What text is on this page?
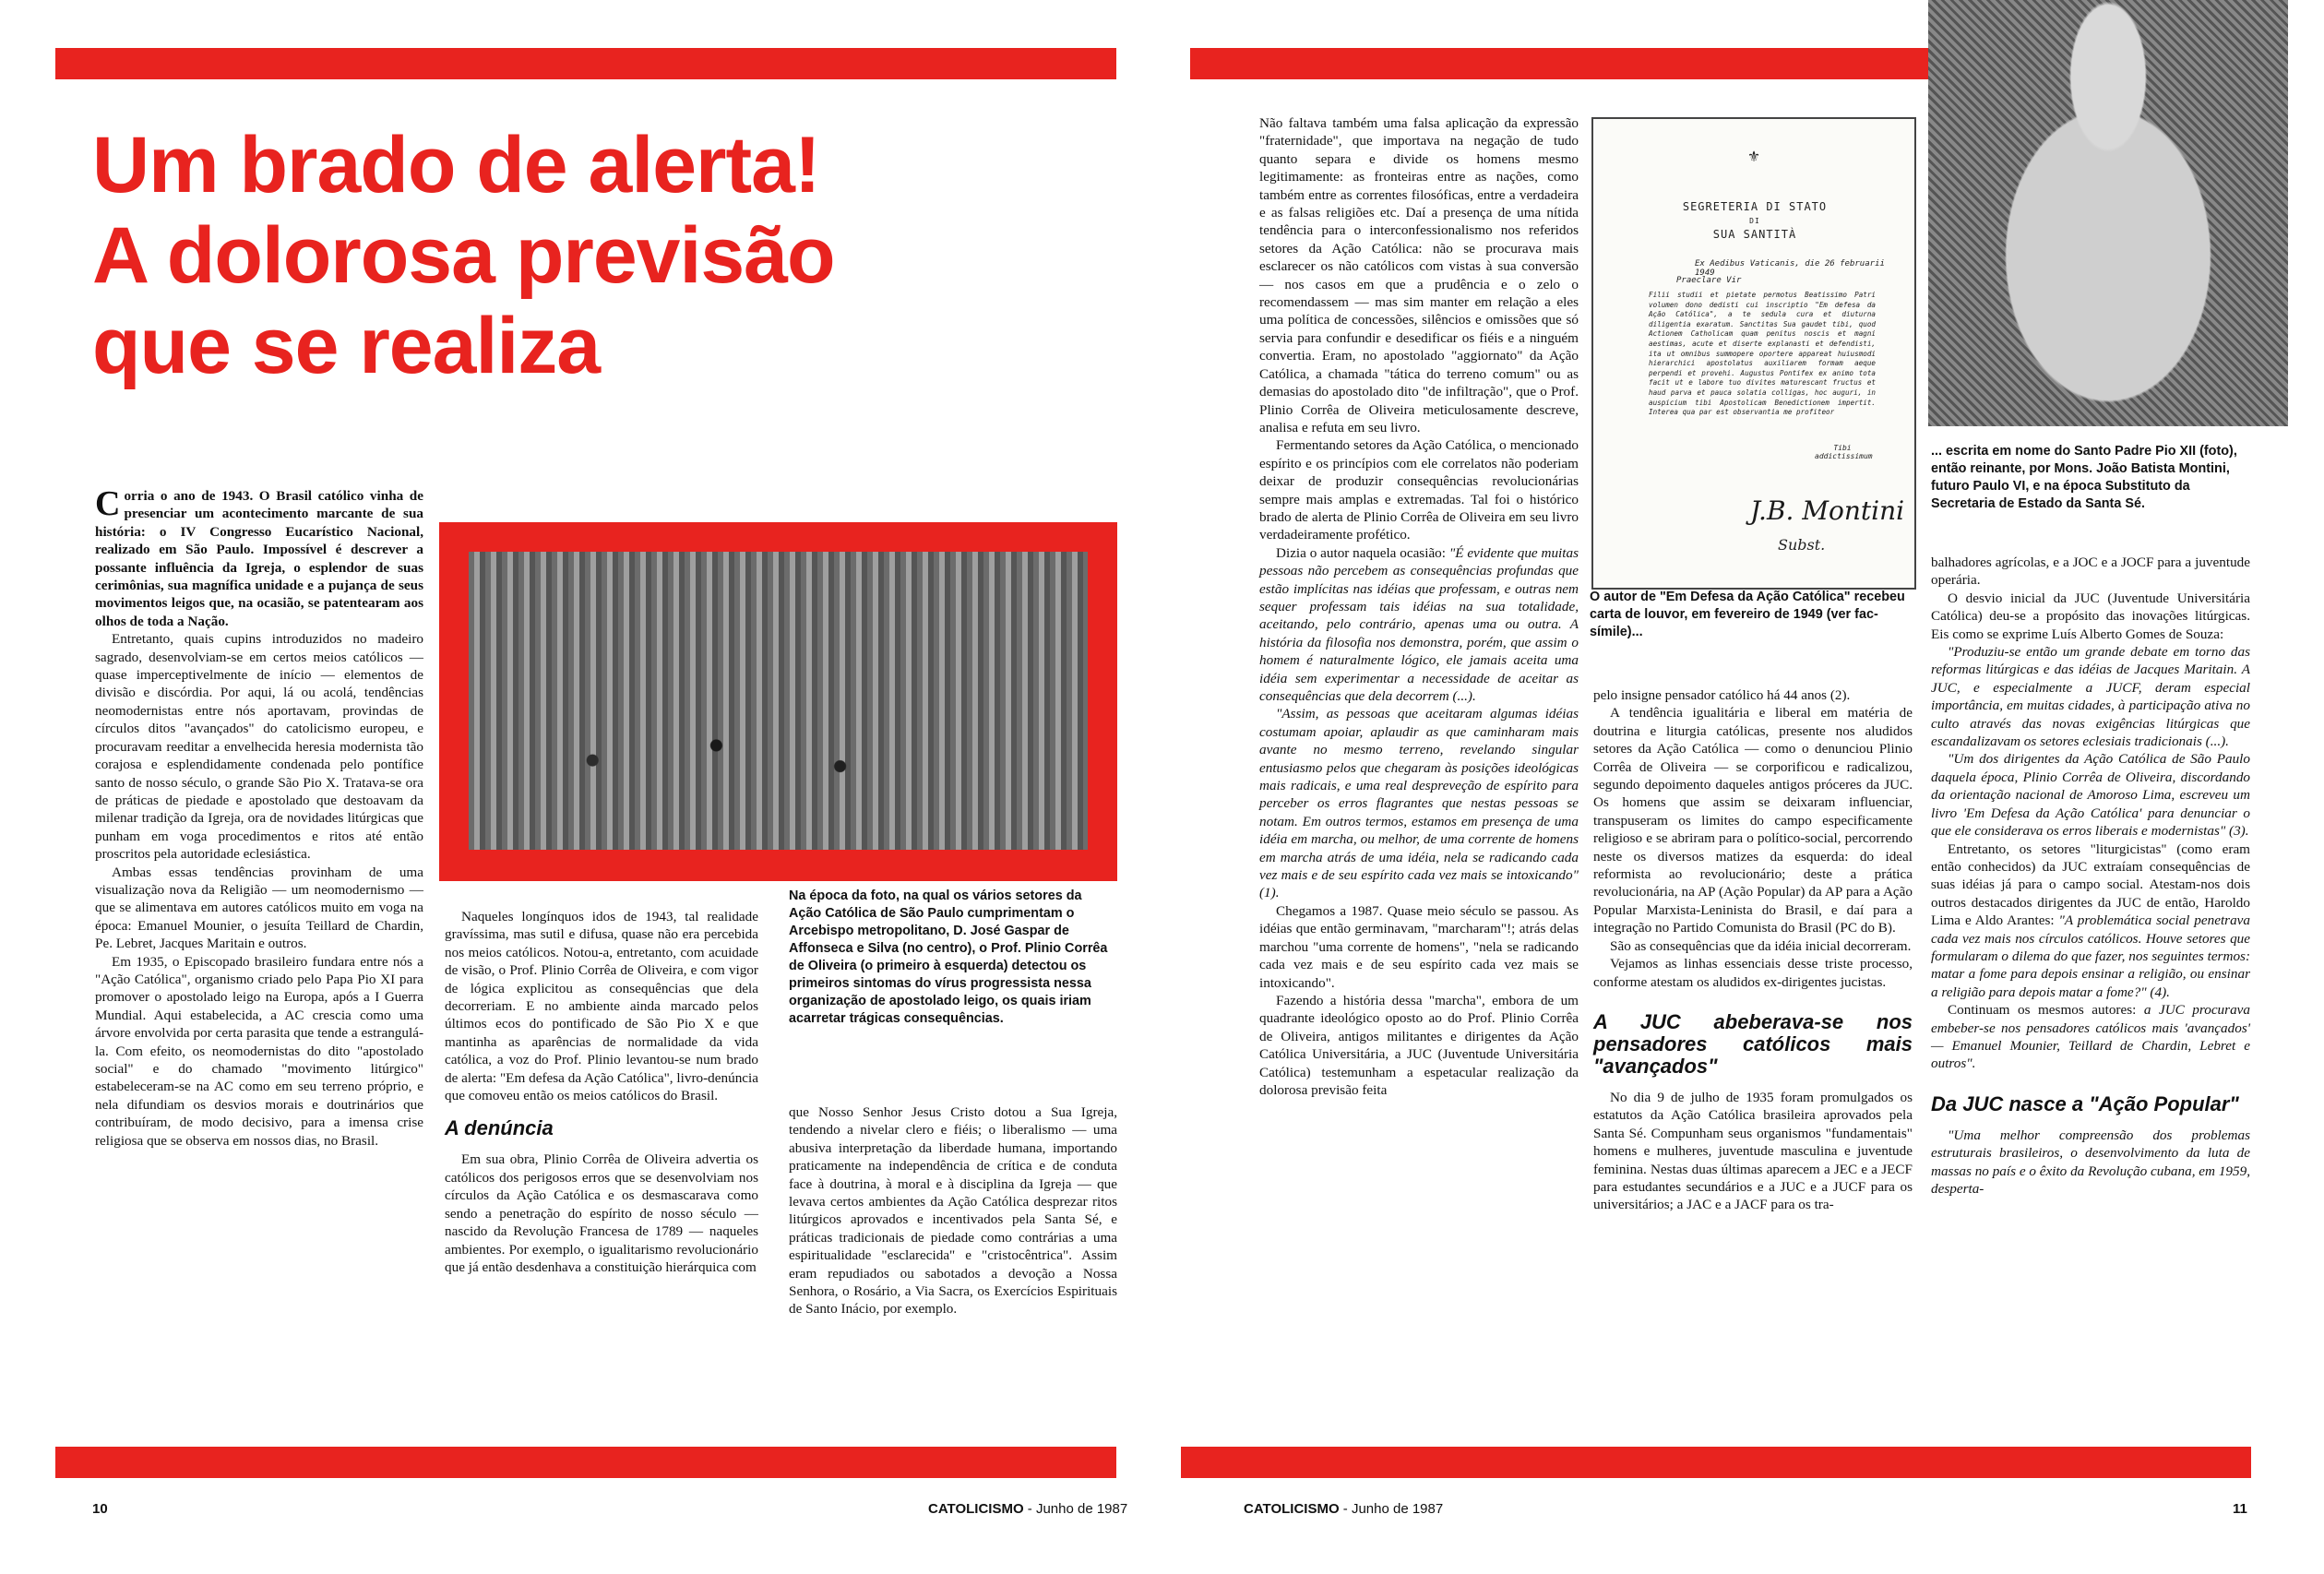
Um brado de alerta!
A dolorosa previsão
que se realiza

Corria o ano de 1943. O Brasil católico vinha de presenciar um acontecimento marcante de sua história: o IV Congresso Eucarístico Nacional, realizado em São Paulo. Impossível é descrever a possante influência da Igreja, o esplendor de suas cerimônias, sua magnífica unidade e a pujança de seus movimentos leigos que, na ocasião, se patentearam aos olhos de toda a Nação.

Entretanto, quais cupins introduzidos no madeiro sagrado, desenvolviam-se em certos meios católicos — quase imperceptivelmente de início — elementos de divisão e discórdia. Por aqui, lá ou acolá, tendências neomodernistas entre nós aportavam, provindas de círculos ditos "avançados" do catolicismo europeu, e procuravam reeditar a envelhecida heresia modernista tão corajosa e esplendidamente condenada pelo pontífice santo de nosso século, o grande São Pio X. Tratava-se ora de práticas de piedade e apostolado que destoavam da milenar tradição da Igreja, ora de novidades litúrgicas que punham em voga procedimentos e ritos até então proscritos pela autoridade eclesiástica.

Ambas essas tendências provinham de uma visualização nova da Religião — um neomodernismo — que se alimentava em autores católicos muito em voga na época: Emanuel Mounier, o jesuíta Teillard de Chardin, Pe. Lebret, Jacques Maritain e outros.

Em 1935, o Episcopado brasileiro fundara entre nós a "Ação Católica", organismo criado pelo Papa Pio XI para promover o apostolado leigo na Europa, após a I Guerra Mundial. Aqui estabelecida, a AC crescia como uma árvore envolvida por certa parasita que tende a estrangulá-la. Com efeito, os neomodernistas do dito "apostolado social" e do chamado "movimento litúrgico" estabeleceram-se na AC como em seu terreno próprio, e nela difundiam os desvios morais e doutrinários que contribuíram, de modo decisivo, para a imensa crise religiosa que se observa em nossos dias, no Brasil.

Naqueles longínquos idos de 1943, tal realidade gravíssima, mas sutil e difusa, quase não era percebida nos meios católicos. Notou-a, entretanto, com acuidade de visão, o Prof. Plinio Corrêa de Oliveira, e com vigor de lógica explicitou as consequências que dela decorreriam. E no ambiente ainda marcado pelos últimos ecos do pontificado de São Pio X e que mantinha as aparências de normalidade da vida católica, a voz do Prof. Plinio levantou-se num brado de alerta: "Em defesa da Ação Católica", livro-denúncia que comoveu então os meios católicos do Brasil.

A denúncia

Em sua obra, Plinio Corrêa de Oliveira advertia os católicos dos perigosos erros que se desenvolviam nos círculos da Ação Católica e os desmascarava como sendo a penetração do espírito de nosso século — nascido da Revolução Francesa de 1789 — naqueles ambientes. Por exemplo, o igualitarismo revolucionário que já então desdenhava a constituição hierárquica com

Na época da foto, na qual os vários setores da Ação Católica de São Paulo cumprimentam o Arcebispo metropolitano, D. José Gaspar de Affonseca e Silva (no centro), o Prof. Plinio Corrêa de Oliveira (o primeiro à esquerda) detectou os primeiros sintomas do vírus progressista nessa organização de apostolado leigo, os quais iriam acarretar trágicas consequências.

que Nosso Senhor Jesus Cristo dotou a Sua Igreja, tendendo a nivelar clero e fiéis; o liberalismo — uma abusiva interpretação da liberdade humana, importando praticamente na independência de crítica e de conduta face à doutrina, à moral e à disciplina da Igreja — que levava certos ambientes da Ação Católica desprezar ritos litúrgicos aprovados e incentivados pela Santa Sé, e práticas tradicionais de piedade como contrárias a uma espiritualidade "esclarecida" e "cristocêntrica". Assim eram repudiados ou sabotados a devoção a Nossa Senhora, o Rosário, a Via Sacra, os Exercícios Espirituais de Santo Inácio, por exemplo.

10	CATOLICISMO - Junho de 1987

Não faltava também uma falsa aplicação da expressão "fraternidade", que importava na negação de tudo quanto separa e divide os homens mesmo legitimamente: as fronteiras entre as nações, como também entre as correntes filosóficas, entre a verdadeira e as falsas religiões etc. Daí a presença de uma nítida tendência para o interconfessionalismo nos referidos setores da Ação Católica: não se procurava mais esclarecer os não católicos com vistas à sua conversão — nos casos em que a prudência e o zelo o recomendassem — mas sim manter em relação a eles uma política de concessões, silêncios e omissões que só servia para confundir e desedificar os fiéis e a ninguém convertia. Eram, no apostolado "aggiornato" da Ação Católica, a chamada "tática do terreno comum" ou as demasias do apostolado dito "de infiltração", que o Prof. Plinio Corrêa de Oliveira meticulosamente descreve, analisa e refuta em seu livro.

Fermentando setores da Ação Católica, o mencionado espírito e os princípios com ele correlatos não poderiam deixar de produzir consequências revolucionárias sempre mais amplas e extremadas. Tal foi o histórico brado de alerta de Plinio Corrêa de Oliveira em seu livro verdadeiramente profético.

Dizia o autor naquela ocasião: "É evidente que muitas pessoas não percebem as consequências profundas que estão implícitas nas idéias que professam, e outras nem sequer professam tais idéias na sua totalidade, aceitando, pelo contrário, apenas uma ou outra. A história da filosofia nos demonstra, porém, que assim o homem é naturalmente lógico, ele jamais aceita uma idéia sem experimentar a necessidade de aceitar as consequências que dela decorrem (...).

"Assim, as pessoas que aceitaram algumas idéias costumam apoiar, aplaudir as que caminharam mais avante no mesmo terreno, revelando singular entusiasmo pelos que chegaram às posições ideológicas mais radicais, e uma real despreveção de espírito para perceber os erros flagrantes que nestas pessoas se notam. Em outros termos, estamos em presença de uma idéia em marcha, ou melhor, de uma corrente de homens em marcha atrás de uma idéia, nela se radicando cada vez mais e de seu espírito cada vez mais se intoxicando" (1).

Chegamos a 1987. Quase meio século se passou. As idéias que então germinavam, "marcharam"!; atrás delas marchou "uma corrente de homens", "nela se radicando cada vez mais e de seu espírito cada vez mais se intoxicando".

Fazendo a história dessa "marcha", embora de um quadrante ideológico oposto ao do Prof. Plinio Corrêa de Oliveira, antigos militantes e dirigentes da Ação Católica Universitária, a JUC (Juventude Universitária Católica) testemunham a espetacular realização da dolorosa previsão feita

⚜
SEGRETERIA DI STATO
DI
SUA SANTITÀ
Ex Aedibus Vaticanis, die 26 februarii 1949
Praeclare Vir
Filii studii et pietate permotus Beatissimo Patri volumen dono dedisti cui inscriptio "Em defesa da Ação Católica", a te sedula cura et diuturna diligentia exaratum. Sanctitas Sua gaudet tibi, quod Actionem Catholicam quam penitus noscis et magni aestimas, acute et diserte explanasti et defendisti, ita ut omnibus summopere oportere appareat huiusmodi hierarchici apostolatus auxiliarem formam aeque perpendi et provehi. Augustus Pontifex ex animo tota facit ut e labore tuo divites maturescant fructus et haud parva et pauca solatia colligas, hoc auguri, in auspicium tibi Apostolicam Benedictionem impertit. Interea qua par est observantia me profiteor
Tibi addictissimum
J.B. Montini
Subst.
O autor de "Em Defesa da Ação Católica" recebeu carta de louvor, em fevereiro de 1949 (ver fac-símile)...
... escrita em nome do Santo Padre Pio XII (foto), então reinante, por Mons. João Batista Montini, futuro Paulo VI, e na época Substituto da Secretaria de Estado da Santa Sé.

pelo insigne pensador católico há 44 anos (2).

A tendência igualitária e liberal em matéria de doutrina e liturgia católicas, presente nos aludidos setores da Ação Católica — como o denunciou Plinio Corrêa de Oliveira — se corporificou e radicalizou, segundo depoimento daqueles antigos próceres da JUC. Os homens que assim se deixaram influenciar, transpuseram os limites do campo especificamente religioso e se abriram para o político-social, percorrendo neste os diversos matizes da esquerda: do ideal reformista ao revolucionário; deste a prática revolucionária, na AP (Ação Popular) da AP para a Ação Popular Marxista-Leninista do Brasil, e daí para a integração no Partido Comunista do Brasil (PC do B).

São as consequências que da idéia inicial decorreram.

Vejamos as linhas essenciais desse triste processo, conforme atestam os aludidos ex-dirigentes jucistas.

A JUC abeberava-se nos pensadores católicos mais "avançados"

No dia 9 de julho de 1935 foram promulgados os estatutos da Ação Católica brasileira aprovados pela Santa Sé. Compunham seus organismos "fundamentais" homens e mulheres, juventude masculina e juventude feminina. Nestas duas últimas aparecem a JEC e a JECF para estudantes secundários e a JUC e a JUCF para os universitários; a JAC e a JACF para os tra-

balhadores agrícolas, e a JOC e a JOCF para a juventude operária.

O desvio inicial da JUC (Juventude Universitária Católica) deu-se a propósito das inovações litúrgicas. Eis como se exprime Luís Alberto Gomes de Souza:

"Produziu-se então um grande debate em torno das reformas litúrgicas e das idéias de Jacques Maritain. A JUC, e especialmente a JUCF, deram especial importância, em muitas cidades, à participação ativa no culto através das novas exigências litúrgicas que escandalizavam os setores eclesiais tradicionais (...).

"Um dos dirigentes da Ação Católica de São Paulo daquela época, Plinio Corrêa de Oliveira, discordando da orientação nacional de Amoroso Lima, escreveu um livro 'Em Defesa da Ação Católica' para denunciar o que ele considerava os erros liberais e modernistas" (3).

Entretanto, os setores "liturgicistas" (como eram então conhecidos) da JUC extraíam consequências de suas idéias já para o campo social. Atestam-nos dois outros destacados dirigentes da JUC de então, Haroldo Lima e Aldo Arantes: "A problemática social penetrava cada vez mais nos círculos católicos. Houve setores que formularam o dilema do que fazer, nos seguintes termos: matar a fome para depois ensinar a religião, ou ensinar a religião para depois matar a fome?" (4).

Continuam os mesmos autores: a JUC procurava embeber-se nos pensadores católicos mais 'avançados' — Emanuel Mounier, Teillard de Chardin, Lebret e outros".

Da JUC nasce a "Ação Popular"

"Uma melhor compreensão dos problemas estruturais brasileiros, o desenvolvimento da luta de massas no país e o êxito da Revolução cubana, em 1959, desperta-

CATOLICISMO - Junho de 1987	11
